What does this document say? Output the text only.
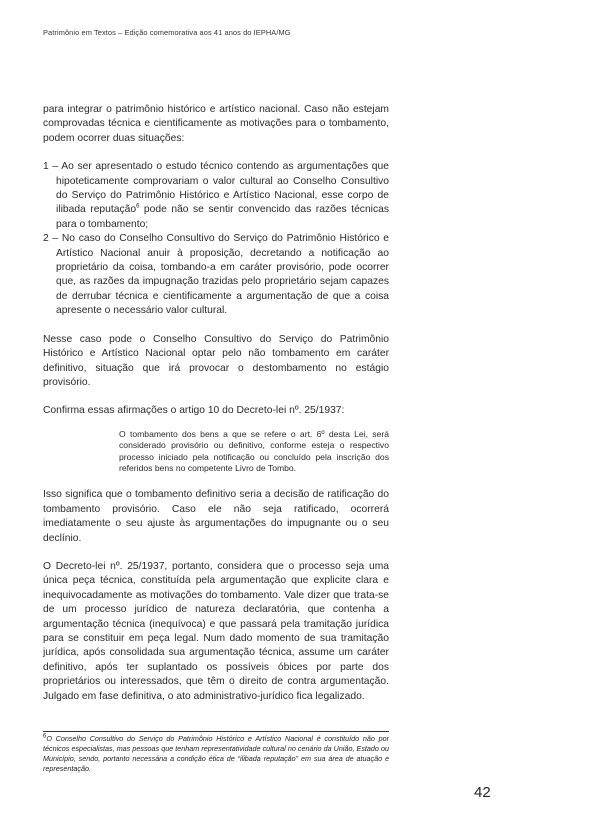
Patrimônio em Textos – Edição comemorativa aos 41 anos do IEPHA/MG

para integrar o patrimônio histórico e artístico nacional. Caso não estejam comprovadas técnica e cientificamente as motivações para o tombamento, podem ocorrer duas situações:

1 – Ao ser apresentado o estudo técnico contendo as argumentações que hipoteticamente comprovariam o valor cultural ao Conselho Consultivo do Serviço do Patrimônio Histórico e Artístico Nacional, esse corpo de ilibada reputação$^6$ pode não se sentir convencido das razões técnicas para o tombamento;
2 – No caso do Conselho Consultivo do Serviço do Patrimônio Histórico e Artístico Nacional anuir à proposição, decretando a notificação ao proprietário da coisa, tombando-a em caráter provisório, pode ocorrer que, as razões da impugnação trazidas pelo proprietário sejam capazes de derrubar técnica e cientificamente a argumentação de que a coisa apresente o necessário valor cultural.

Nesse caso pode o Conselho Consultivo do Serviço do Patrimônio Histórico e Artístico Nacional optar pelo não tombamento em caráter definitivo, situação que irá provocar o destombamento no estágio provisório.

Confirma essas afirmações o artigo 10 do Decreto-lei nº. 25/1937:

O tombamento dos bens a que se refere o art. 6º desta Lei, será considerado provisório ou definitivo, conforme esteja o respectivo processo iniciado pela notificação ou concluído pela inscrição dos referidos bens no competente Livro de Tombo.

Isso significa que o tombamento definitivo seria a decisão de ratificação do tombamento provisório. Caso ele não seja ratificado, ocorrerá imediatamente o seu ajuste às argumentações do impugnante ou o seu declínio.

O Decreto-lei nº. 25/1937, portanto, considera que o processo seja uma única peça técnica, constituída pela argumentação que explicite clara e inequivocadamente as motivações do tombamento. Vale dizer que trata-se de um processo jurídico de natureza declaratória, que contenha a argumentação técnica (inequívoca) e que passará pela tramitação jurídica para se constituir em peça legal. Num dado momento de sua tramitação jurídica, após consolidada sua argumentação técnica, assume um caráter definitivo, após ter suplantado os possíveis óbices por parte dos proprietários ou interessados, que têm o direito de contra argumentação. Julgado em fase definitiva, o ato administrativo-jurídico fica legalizado.

$^6$O Conselho Consultivo do Serviço do Patrimônio Histórico e Artístico Nacional é constituído não por técnicos especialistas, mas pessoas que tenham representatividade cultural no cenário da União, Estado ou Município, sendo, portanto necessária a condição ética de “ilibada reputação” em sua área de atuação e representação.
42
